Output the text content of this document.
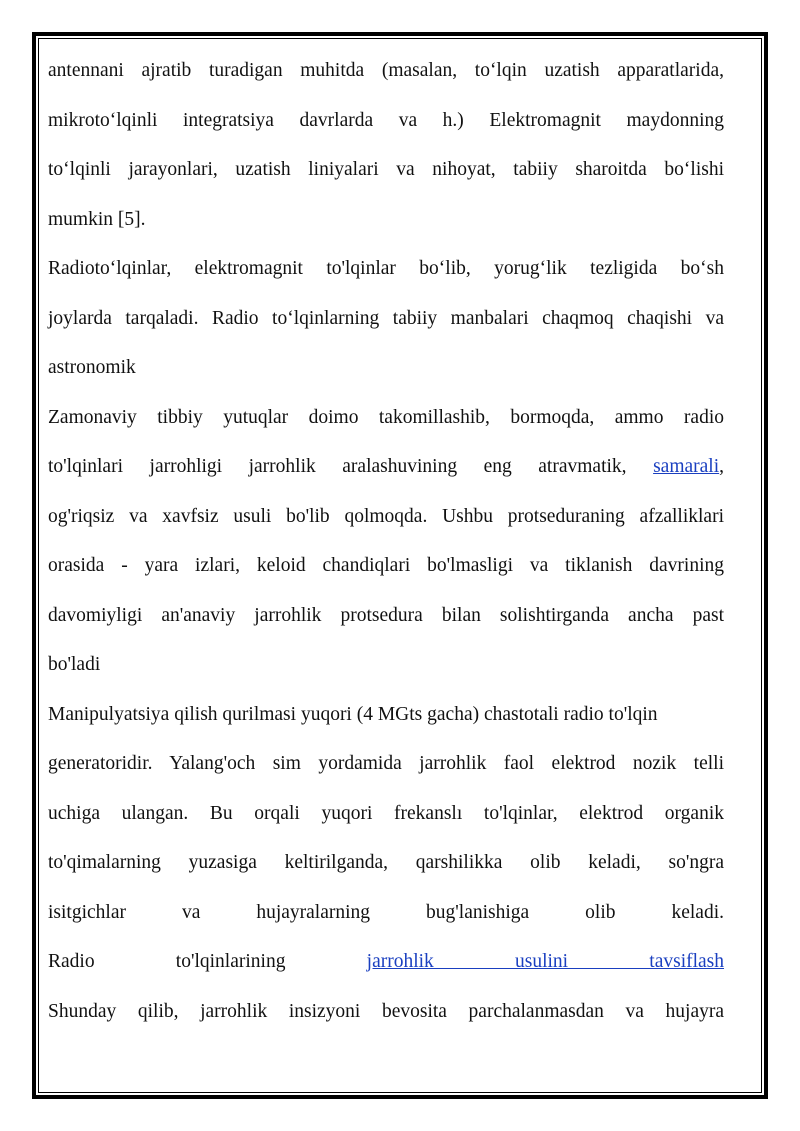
antennani ajratib turadigan muhitda (masalan, to‘lqin uzatish apparatlarida,
mikroto‘lqinli integratsiya davrlarda va h.) Elektromagnit maydonning
to‘lqinli jarayonlari, uzatish liniyalari va nihoyat, tabiiy sharoitda bo‘lishi
mumkin [5].
Radioto‘lqinlar, elektromagnit to'lqinlar bo‘lib, yorug‘lik tezligida bo‘sh
joylarda tarqaladi. Radio to‘lqinlarning tabiiy manbalari chaqmoq chaqishi va
astronomik
Zamonaviy tibbiy yutuqlar doimo takomillashib, bormoqda, ammo radio
to'lqinlari jarrohligi jarrohlik aralashuvining eng atravmatik, samarali,
og'riqsiz va xavfsiz usuli bo'lib qolmoqda. Ushbu protseduraning afzalliklari
orasida - yara izlari, keloid chandiqlari bo'lmasligi va tiklanish davrining
davomiyligi an'anaviy jarrohlik protsedura bilan solishtirganda ancha past
bo'ladi
Manipulyatsiya qilish qurilmasi yuqori (4 MGts gacha) chastotali radio to'lqin
generatoridir. Yalang'och sim yordamida jarrohlik faol elektrod nozik telli
uchiga ulangan. Bu orqali yuqori frekanslı to'lqinlar, elektrod organik
to'qimalarning yuzasiga keltirilganda, qarshilikka olib keladi, so'ngra
isitgichlar va hujayralarning bug'lanishiga olib keladi.
Radio to'lqinlarining	jarrohlik usulini tavsiflash
Shunday qilib, jarrohlik insizyoni bevosita parchalanmasdan va hujayra
